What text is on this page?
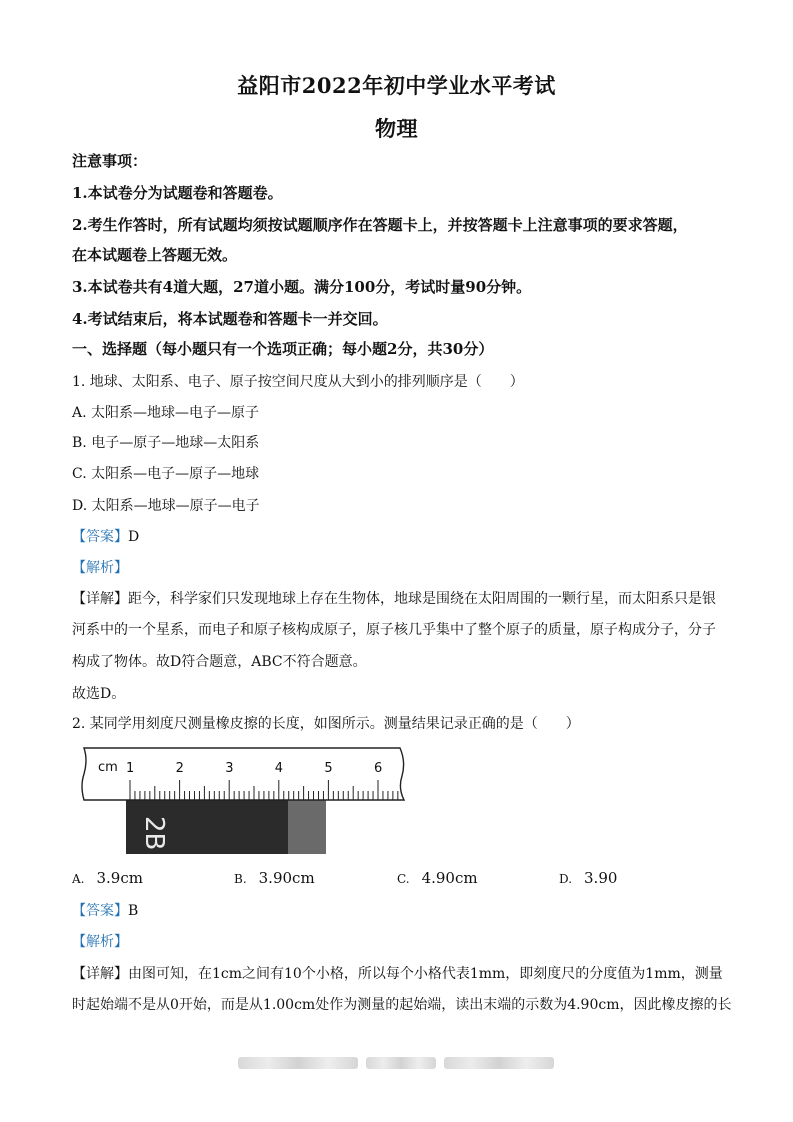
益阳市2022年初中学业水平考试
物理
注意事项：
1.本试卷分为试题卷和答题卷。
2.考生作答时，所有试题均须按试题顺序作在答题卡上，并按答题卡上注意事项的要求答题，
在本试题卷上答题无效。
3.本试卷共有4道大题，27道小题。满分100分，考试时量90分钟。
4.考试结束后，将本试题卷和答题卡一并交回。
一、选择题（每小题只有一个选项正确；每小题2分，共30分）
1. 地球、太阳系、电子、原子按空间尺度从大到小的排列顺序是（　　）
A. 太阳系—地球—电子—原子
B. 电子—原子—地球—太阳系
C. 太阳系—电子—原子—地球
D. 太阳系—地球—原子—电子
【答案】D
【解析】
【详解】距今，科学家们只发现地球上存在生物体，地球是围绕在太阳周围的一颗行星，而太阳系只是银
河系中的一个星系，而电子和原子核构成原子，原子核几乎集中了整个原子的质量，原子构成分子，分子
构成了物体。故D符合题意，ABC不符合题意。
故选D。
2. 某同学用刻度尺测量橡皮擦的长度，如图所示。测量结果记录正确的是（　　）
cm 1	2	3	4	5	6
2B
A. 3.9cm	B. 3.90cm	C. 4.90cm	D. 3.90
【答案】B
【解析】
【详解】由图可知，在1cm之间有10个小格，所以每个小格代表1mm，即刻度尺的分度值为1mm，测量
时起始端不是从0开始，而是从1.00cm处作为测量的起始端，读出末端的示数为4.90cm，因此橡皮擦的长
